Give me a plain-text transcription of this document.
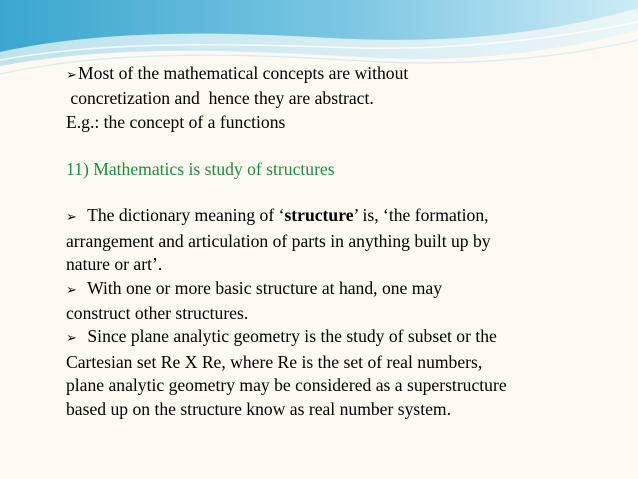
➢Most of the mathematical concepts are without

concretization and  hence they are abstract.

E.g.: the concept of a functions

11) Mathematics is study of structures

➢ The dictionary meaning of ‘structure’ is, ‘the formation,

arrangement and articulation of parts in anything built up by

nature or art’.

➢ With one or more basic structure at hand, one may

construct other structures.

➢ Since plane analytic geometry is the study of subset or the

Cartesian set Re X Re, where Re is the set of real numbers,

plane analytic geometry may be considered as a superstructure

based up on the structure know as real number system.
